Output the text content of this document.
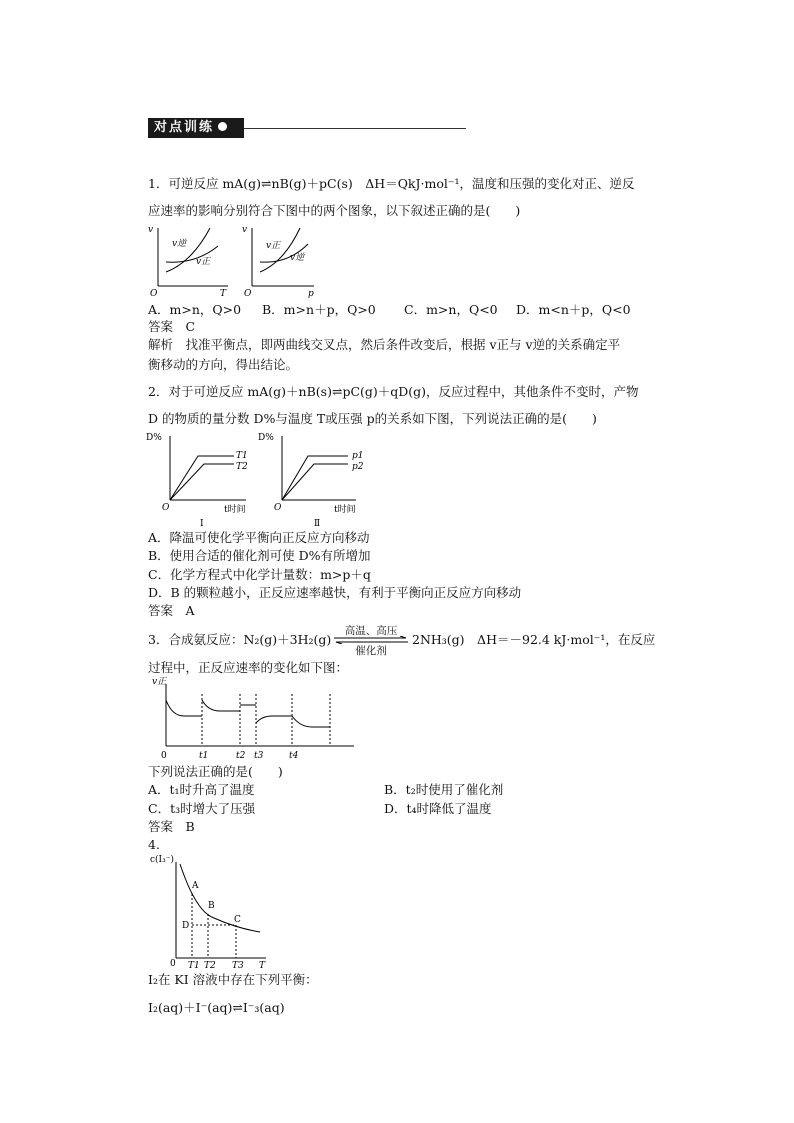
对点训练
1．可逆反应 mA(g)⇌nB(g)＋pC(s)　ΔH＝QkJ·mol⁻¹，温度和压强的变化对正、逆反
应速率的影响分别符合下图中的两个图象，以下叙述正确的是(　　)
v
O	T
v逆
v正
v
O	p
v正
v逆
A．m>n，Q>0 B．m>n＋p，Q>0 C．m>n，Q<0 D．m<n＋p，Q<0
答案　C
解析　找准平衡点，即两曲线交叉点，然后条件改变后，根据 v正与 v逆的关系确定平
衡移动的方向，得出结论。
2．对于可逆反应 mA(g)＋nB(s)⇌pC(g)＋qD(g)，反应过程中，其他条件不变时，产物
D 的物质的量分数 D%与温度 T或压强 p的关系如下图，下列说法正确的是(　　)
D%
O	t时间
T1
T2
Ⅰ
D%
O	t时间
p1
p2
Ⅱ
A．降温可使化学平衡向正反应方向移动
B．使用合适的催化剂可使 D%有所增加
C．化学方程式中化学计量数：m>p＋q
D．B 的颗粒越小，正反应速率越快，有利于平衡向正反应方向移动
答案　A
3．合成氨反应：N₂(g)＋3H₂(g)
高温、高压
催化剂
2NH₃(g)　ΔH＝－92.4 kJ·mol⁻¹，在反应
过程中，正反应速率的变化如下图：
v正
0	t1	t2 t3	t4
下列说法正确的是(　　)
A．t₁时升高了温度	B．t₂时使用了催化剂
C．t₃时增大了压强	D．t₄时降低了温度
答案　B
4.
c(I₃⁻)
0	T
A
B
C
D
T1 T2 T3
I₂在 KI 溶液中存在下列平衡：
I₂(aq)＋I⁻(aq)⇌I⁻₃(aq)
